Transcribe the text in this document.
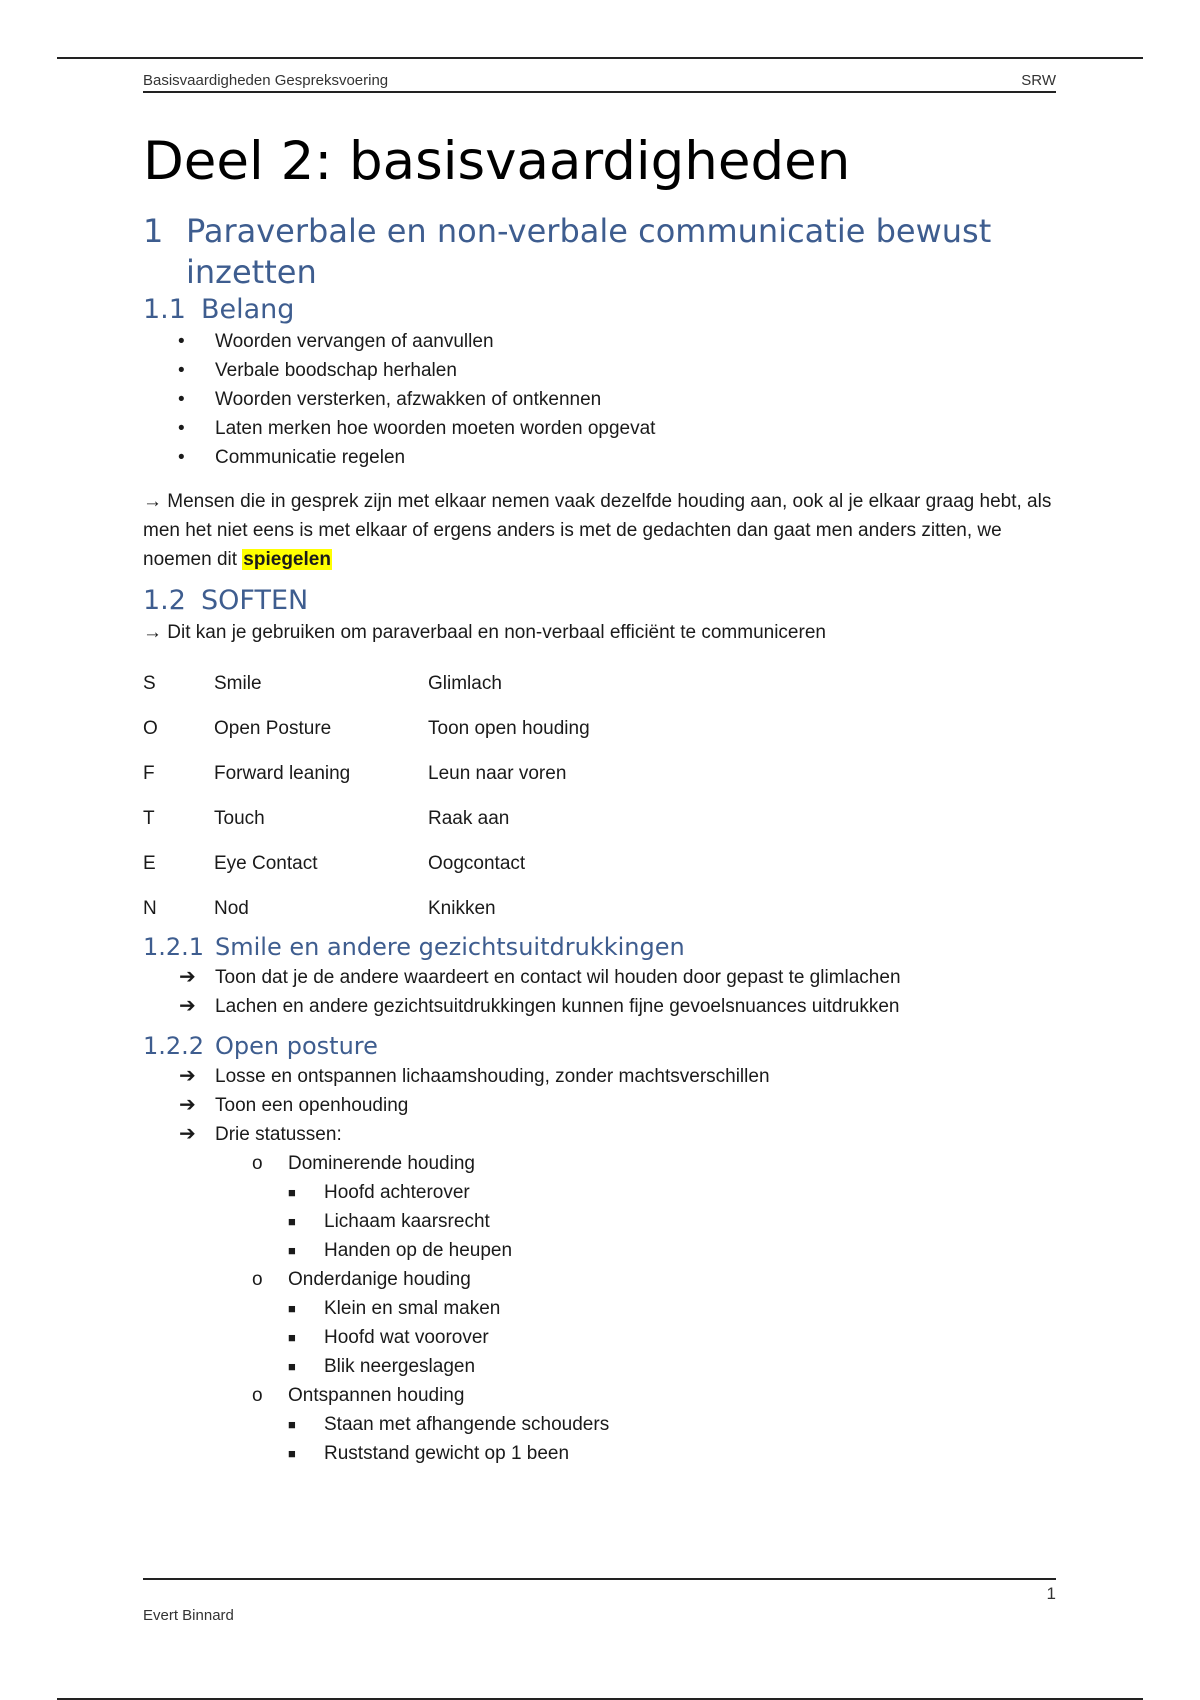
Basisvaardigheden Gespreksvoering	SRW
Deel 2: basisvaardigheden
1 Paraverbale en non-verbale communicatie bewust inzetten
1.1 Belang
•	Woorden vervangen of aanvullen
•	Verbale boodschap herhalen
•	Woorden versterken, afzwakken of ontkennen
•	Laten merken hoe woorden moeten worden opgevat
•	Communicatie regelen

→ Mensen die in gesprek zijn met elkaar nemen vaak dezelfde houding aan, ook al je elkaar graag hebt, als men het niet eens is met elkaar of ergens anders is met de gedachten dan gaat men anders zitten, we noemen dit spiegelen

1.2 SOFTEN

→ Dit kan je gebruiken om paraverbaal en non-verbaal efficiënt te communiceren

S	Smile	Glimlach
O	Open Posture	Toon open houding
F	Forward leaning	Leun naar voren
T	Touch	Raak aan
E	Eye Contact	Oogcontact
N	Nod	Knikken
1.2.1 Smile en andere gezichtsuitdrukkingen
➔	Toon dat je de andere waardeert en contact wil houden door gepast te glimlachen
➔	Lachen en andere gezichtsuitdrukkingen kunnen fijne gevoelsnuances uitdrukken
1.2.2 Open posture
➔	Losse en ontspannen lichaamshouding, zonder machtsverschillen
➔	Toon een openhouding
➔	Drie statussen:
o	Dominerende houding
■	Hoofd achterover
■	Lichaam kaarsrecht
■	Handen op de heupen
o	Onderdanige houding
■	Klein en smal maken
■	Hoofd wat voorover
■	Blik neergeslagen
o	Ontspannen houding
■	Staan met afhangende schouders
■	Ruststand gewicht op 1 been
1
Evert Binnard
